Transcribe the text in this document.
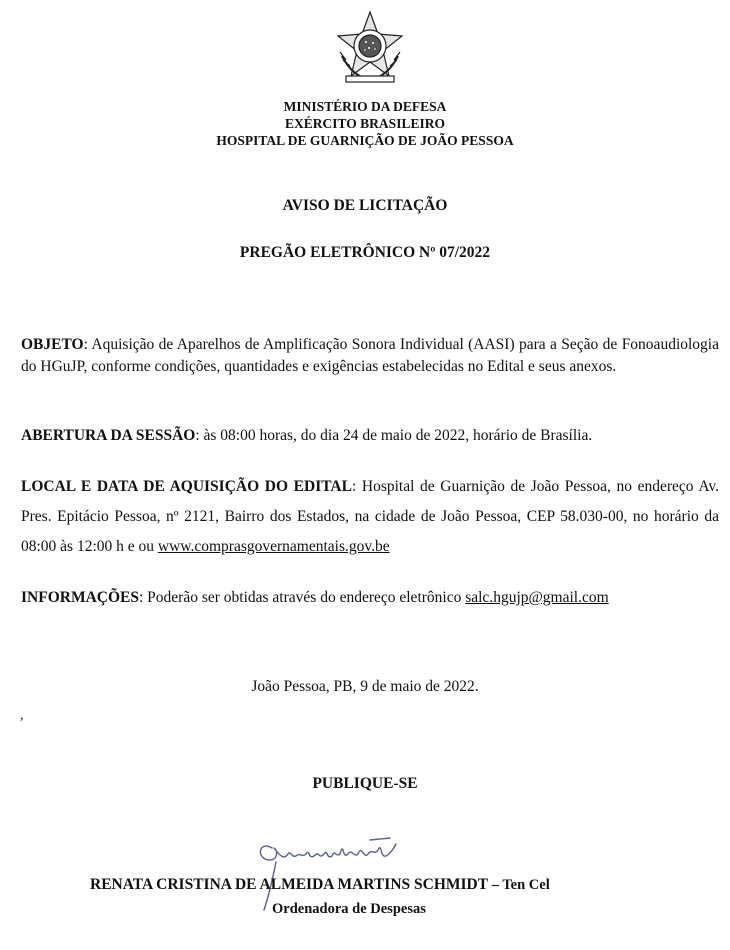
MINISTÉRIO DA DEFESA
EXÉRCITO BRASILEIRO
HOSPITAL DE GUARNIÇÃO DE JOÃO PESSOA
AVISO DE LICITAÇÃO
PREGÃO ELETRÔNICO Nº 07/2022
OBJETO: Aquisição de Aparelhos de Amplificação Sonora Individual (AASI) para a Seção de Fonoaudiologia do HGuJP, conforme condições, quantidades e exigências estabelecidas no Edital e seus anexos.
ABERTURA DA SESSÃO: às 08:00 horas, do dia 24 de maio de 2022, horário de Brasília.
LOCAL E DATA DE AQUISIÇÃO DO EDITAL: Hospital de Guarnição de João Pessoa, no endereço Av. Pres. Epitácio Pessoa, nº 2121, Bairro dos Estados, na cidade de João Pessoa, CEP 58.030-00, no horário da 08:00 às 12:00 h e ou www.comprasgovernamentais.gov.be
INFORMAÇÕES: Poderão ser obtidas através do endereço eletrônico salc.hgujp@gmail.com
João Pessoa, PB, 9 de maio de 2022.
,
PUBLIQUE-SE
RENATA CRISTINA DE ALMEIDA MARTINS SCHMIDT – Ten Cel
Ordenadora de Despesas
